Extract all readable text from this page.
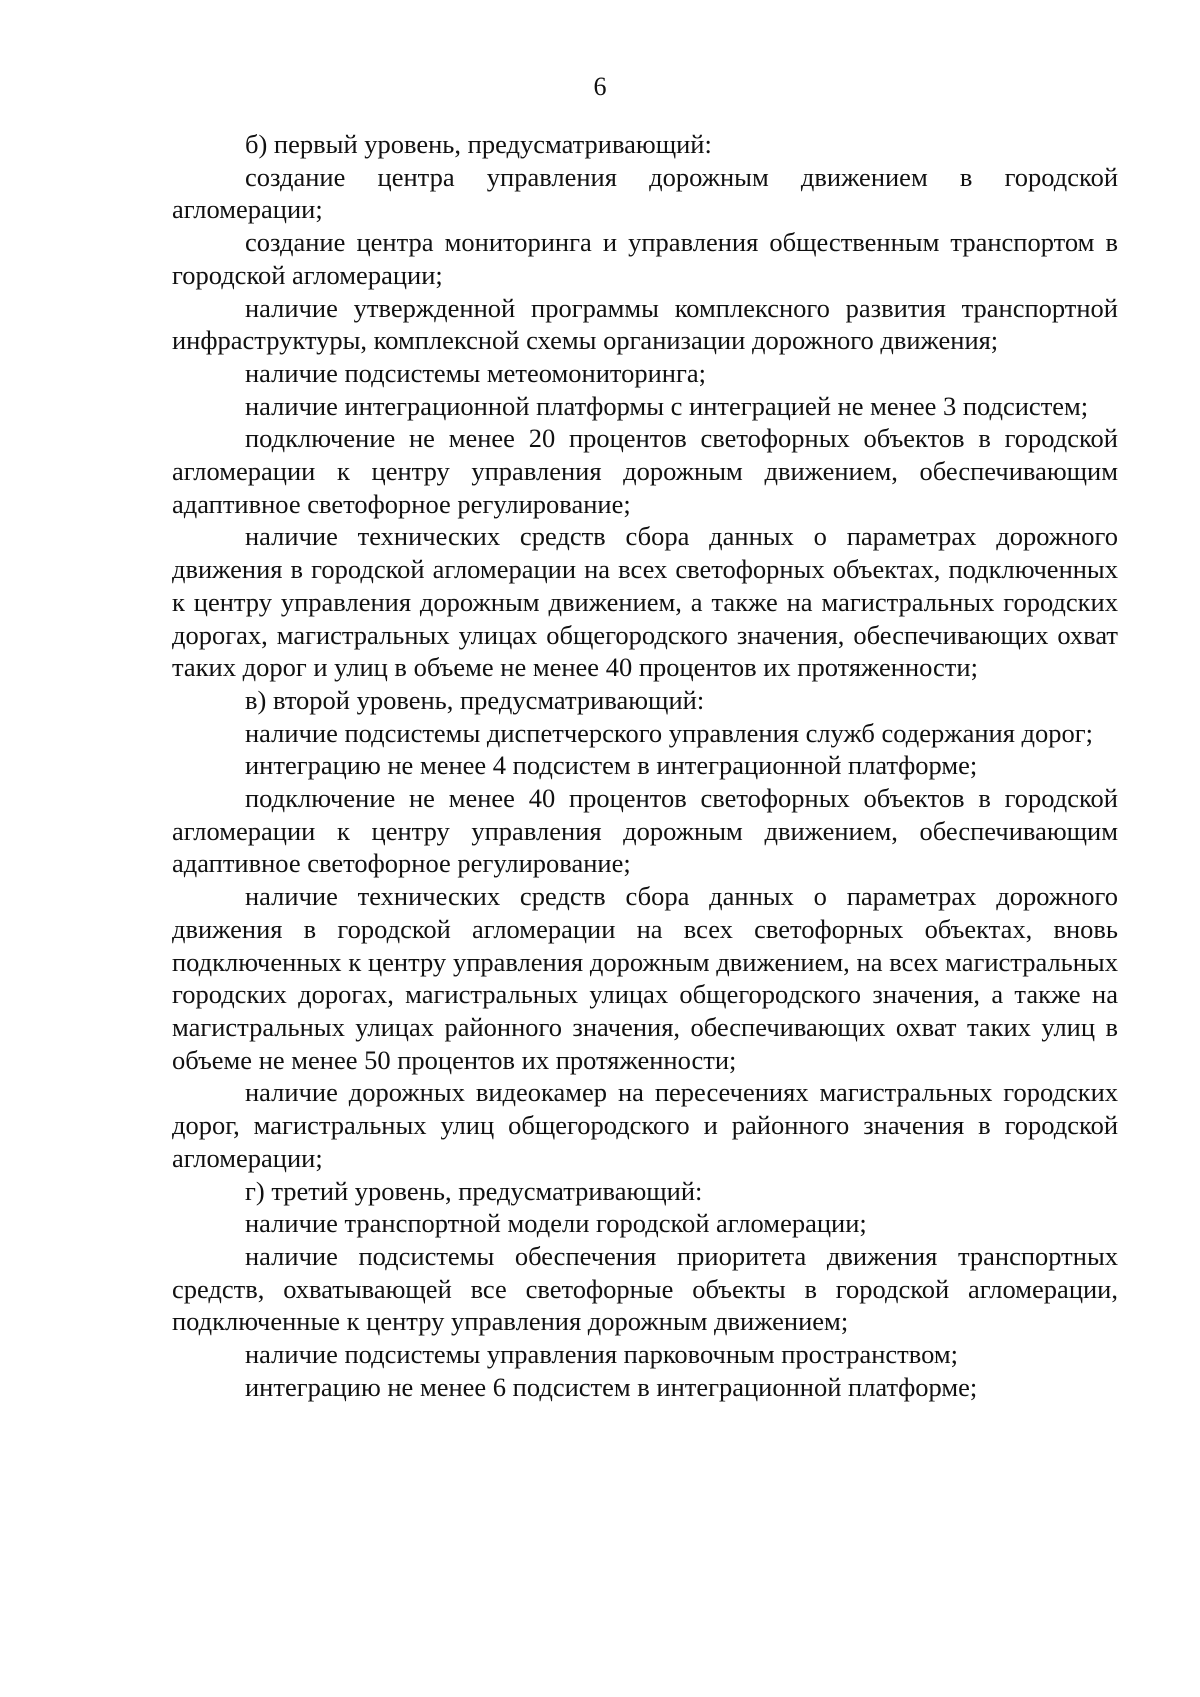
6

б) первый уровень, предусматривающий:

создание центра управления дорожным движением в городской агломерации;

создание центра мониторинга и управления общественным транспортом в городской агломерации;

наличие утвержденной программы комплексного развития транспортной инфраструктуры, комплексной схемы организации дорожного движения;

наличие подсистемы метеомониторинга;

наличие интеграционной платформы с интеграцией не менее 3 подсистем;

подключение не менее 20 процентов светофорных объектов в городской агломерации к центру управления дорожным движением, обеспечивающим адаптивное светофорное регулирование;

наличие технических средств сбора данных о параметрах дорожного движения в городской агломерации на всех светофорных объектах, подключенных к центру управления дорожным движением, а также на магистральных городских дорогах, магистральных улицах общегородского значения, обеспечивающих охват таких дорог и улиц в объеме не менее 40 процентов их протяженности;

в) второй уровень, предусматривающий:

наличие подсистемы диспетчерского управления служб содержания дорог;

интеграцию не менее 4 подсистем в интеграционной платформе;

подключение не менее 40 процентов светофорных объектов в городской агломерации к центру управления дорожным движением, обеспечивающим адаптивное светофорное регулирование;

наличие технических средств сбора данных о параметрах дорожного движения в городской агломерации на всех светофорных объектах, вновь подключенных к центру управления дорожным движением, на всех магистральных городских дорогах, магистральных улицах общегородского значения, а также на магистральных улицах районного значения, обеспечивающих охват таких улиц в объеме не менее 50 процентов их протяженности;

наличие дорожных видеокамер на пересечениях магистральных городских дорог, магистральных улиц общегородского и районного значения в городской агломерации;

г) третий уровень, предусматривающий:

наличие транспортной модели городской агломерации;

наличие подсистемы обеспечения приоритета движения транспортных средств, охватывающей все светофорные объекты в городской агломерации, подключенные к центру управления дорожным движением;

наличие подсистемы управления парковочным пространством;

интеграцию не менее 6 подсистем в интеграционной платформе;
